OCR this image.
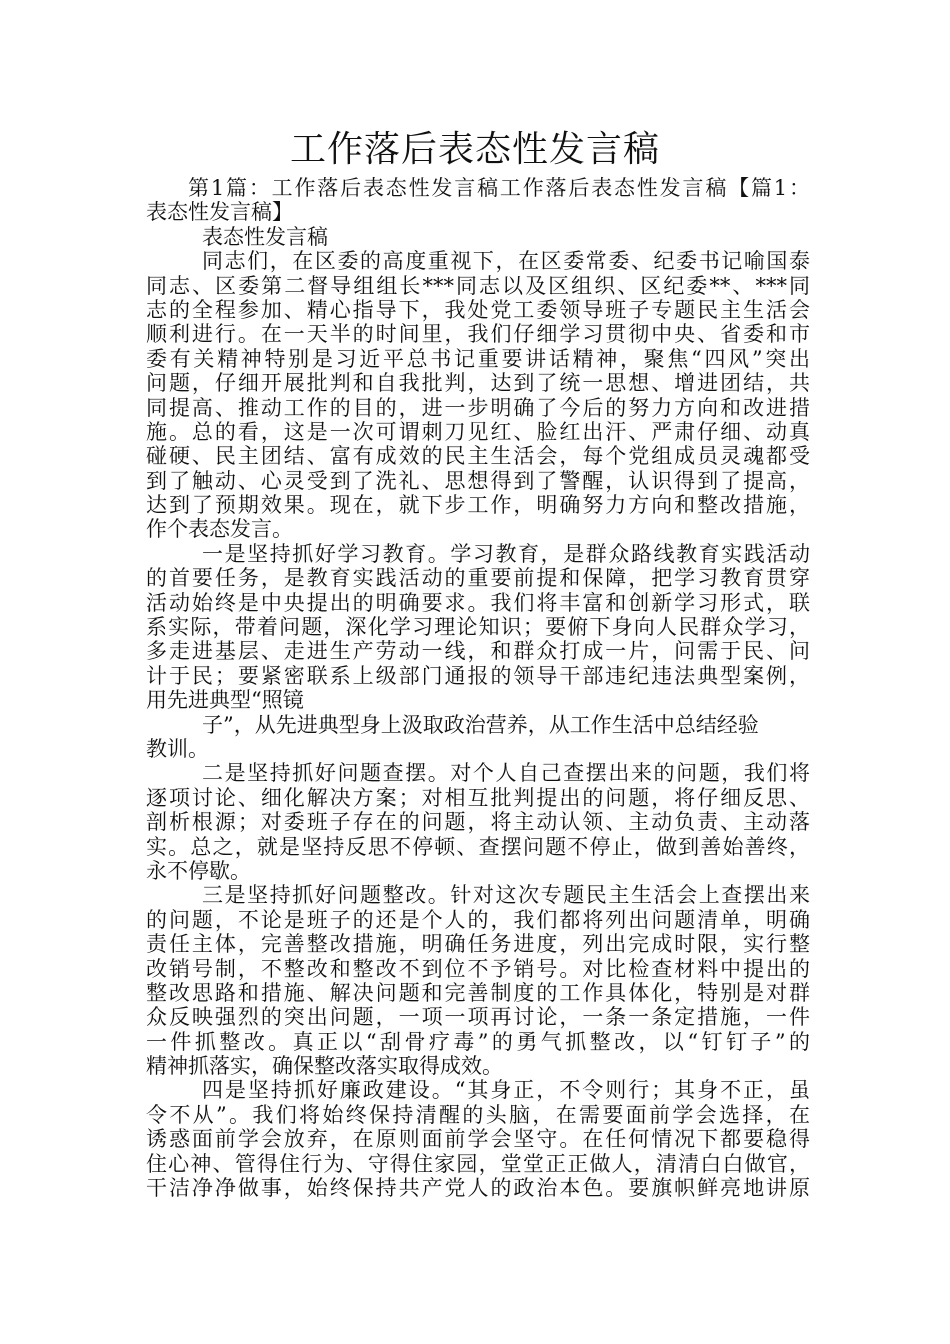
工作落后表态性发言稿
第1篇：工作落后表态性发言稿工作落后表态性发言稿【篇1：
表态性发言稿】
表态性发言稿
同志们，在区委的高度重视下，在区委常委、纪委书记喻国泰
同志、区委第二督导组组长***同志以及区组织、区纪委**、***同
志的全程参加、精心指导下，我处党工委领导班子专题民主生活会
顺利进行。在一天半的时间里，我们仔细学习贯彻中央、省委和市
委有关精神特别是习近平总书记重要讲话精神，聚焦“四风”突出
问题，仔细开展批判和自我批判，达到了统一思想、增进团结，共
同提高、推动工作的目的，进一步明确了今后的努力方向和改进措
施。总的看，这是一次可谓刺刀见红、脸红出汗、严肃仔细、动真
碰硬、民主团结、富有成效的民主生活会，每个党组成员灵魂都受
到了触动、心灵受到了洗礼、思想得到了警醒，认识得到了提高，
达到了预期效果。现在，就下步工作，明确努力方向和整改措施，
作个表态发言。
一是坚持抓好学习教育。学习教育，是群众路线教育实践活动
的首要任务，是教育实践活动的重要前提和保障，把学习教育贯穿
活动始终是中央提出的明确要求。我们将丰富和创新学习形式，联
系实际，带着问题，深化学习理论知识；要俯下身向人民群众学习，
多走进基层、走进生产劳动一线，和群众打成一片，问需于民、问
计于民；要紧密联系上级部门通报的领导干部违纪违法典型案例，
用先进典型“照镜
子”，从先进典型身上汲取政治营养，从工作生活中总结经验
教训。
二是坚持抓好问题查摆。对个人自己查摆出来的问题，我们将
逐项讨论、细化解决方案；对相互批判提出的问题，将仔细反思、
剖析根源；对委班子存在的问题，将主动认领、主动负责、主动落
实。总之，就是坚持反思不停顿、查摆问题不停止，做到善始善终，
永不停歇。
三是坚持抓好问题整改。针对这次专题民主生活会上查摆出来
的问题，不论是班子的还是个人的，我们都将列出问题清单，明确
责任主体，完善整改措施，明确任务进度，列出完成时限，实行整
改销号制，不整改和整改不到位不予销号。对比检查材料中提出的
整改思路和措施、解决问题和完善制度的工作具体化，特别是对群
众反映强烈的突出问题，一项一项再讨论，一条一条定措施，一件
一件抓整改。真正以“刮骨疗毒”的勇气抓整改，以“钉钉子”的
精神抓落实，确保整改落实取得成效。
四是坚持抓好廉政建设。“其身正，不令则行；其身不正，虽
令不从”。我们将始终保持清醒的头脑，在需要面前学会选择，在
诱惑面前学会放弃，在原则面前学会坚守。在任何情况下都要稳得
住心神、管得住行为、守得住家园，堂堂正正做人，清清白白做官，
干洁净净做事，始终保持共产党人的政治本色。要旗帜鲜亮地讲原
